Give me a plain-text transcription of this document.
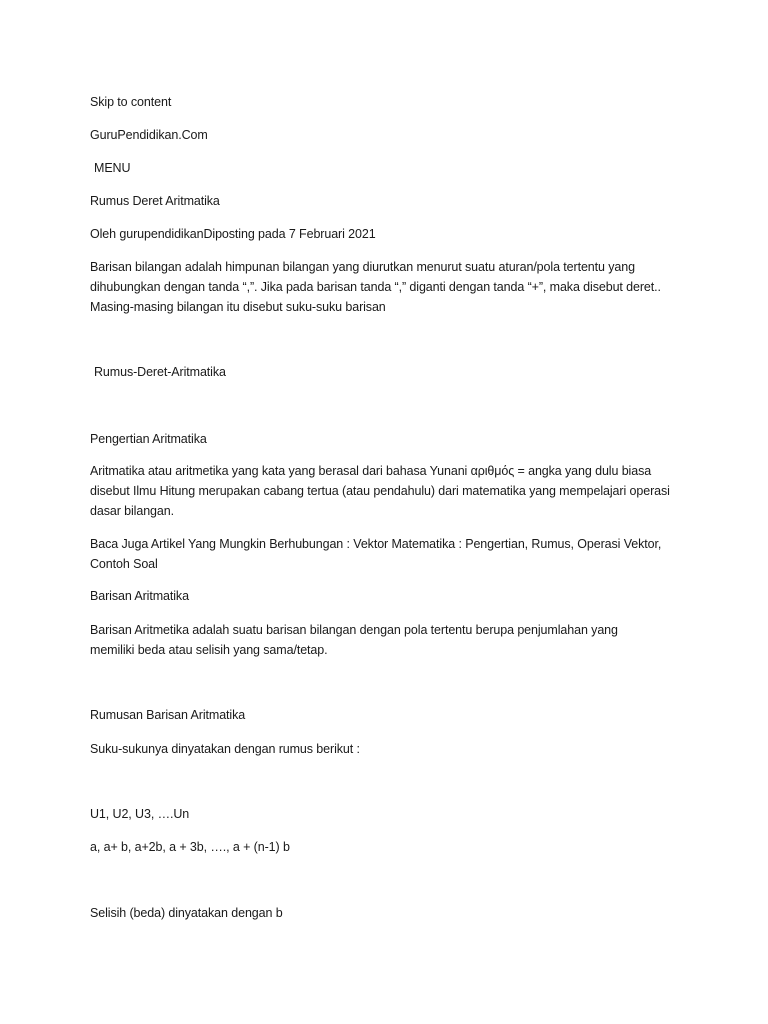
Skip to content
GuruPendidikan.Com
MENU

Rumus Deret Aritmatika

Oleh gurupendidikanDiposting pada 7 Februari 2021

Barisan bilangan adalah himpunan bilangan yang diurutkan menurut suatu aturan/pola tertentu yang dihubungkan dengan tanda “,”. Jika pada barisan tanda “,” diganti dengan tanda “+”, maka disebut deret.. Masing-masing bilangan itu disebut suku-suku barisan

Rumus-Deret-Aritmatika

Pengertian Aritmatika

Aritmatika atau aritmetika yang kata yang berasal dari bahasa Yunani αριθμός = angka yang dulu biasa disebut Ilmu Hitung merupakan cabang tertua (atau pendahulu) dari matematika yang mempelajari operasi dasar bilangan.

Baca Juga Artikel Yang Mungkin Berhubungan : Vektor Matematika : Pengertian, Rumus, Operasi Vektor, Contoh Soal

Barisan Aritmatika

Barisan Aritmetika adalah suatu barisan bilangan dengan pola tertentu berupa penjumlahan yang memiliki beda atau selisih yang sama/tetap.

Rumusan Barisan Aritmatika

Suku-sukunya dinyatakan dengan rumus berikut :

U1, U2, U3, ….Un

a, a+ b, a+2b, a + 3b, …., a + (n-1) b

Selisih (beda) dinyatakan dengan b
